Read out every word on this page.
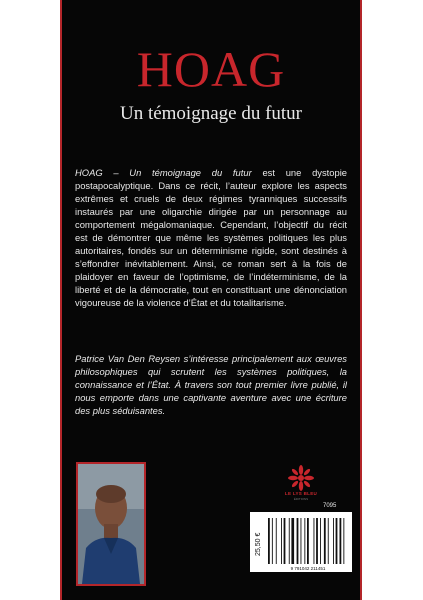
HOAG
Un témoignage du futur
HOAG – Un témoignage du futur est une dystopie postapocalyptique. Dans ce récit, l’auteur explore les aspects extrêmes et cruels de deux régimes tyranniques successifs instaurés par une oligarchie dirigée par un personnage au comportement mégalomaniaque. Cependant, l’objectif du récit est de démontrer que même les systèmes politiques les plus autoritaires, fondés sur un déterminisme rigide, sont destinés à s’effondrer inévitablement. Ainsi, ce roman sert à la fois de plaidoyer en faveur de l’optimisme, de l’indéterminisme, de la liberté et de la démocratie, tout en constituant une dénonciation vigoureuse de la violence d’État et du totalitarisme.
Patrice Van Den Reysen s’intéresse principalement aux œuvres philosophiques qui scrutent les systèmes politiques, la connaissance et l’État. À travers son tout premier livre publié, il nous emporte dans une captivante aventure avec une écriture des plus séduisantes.
LE LYS BLEU
ÉDITIONS
7095
25,50 €
9 791042 211451
